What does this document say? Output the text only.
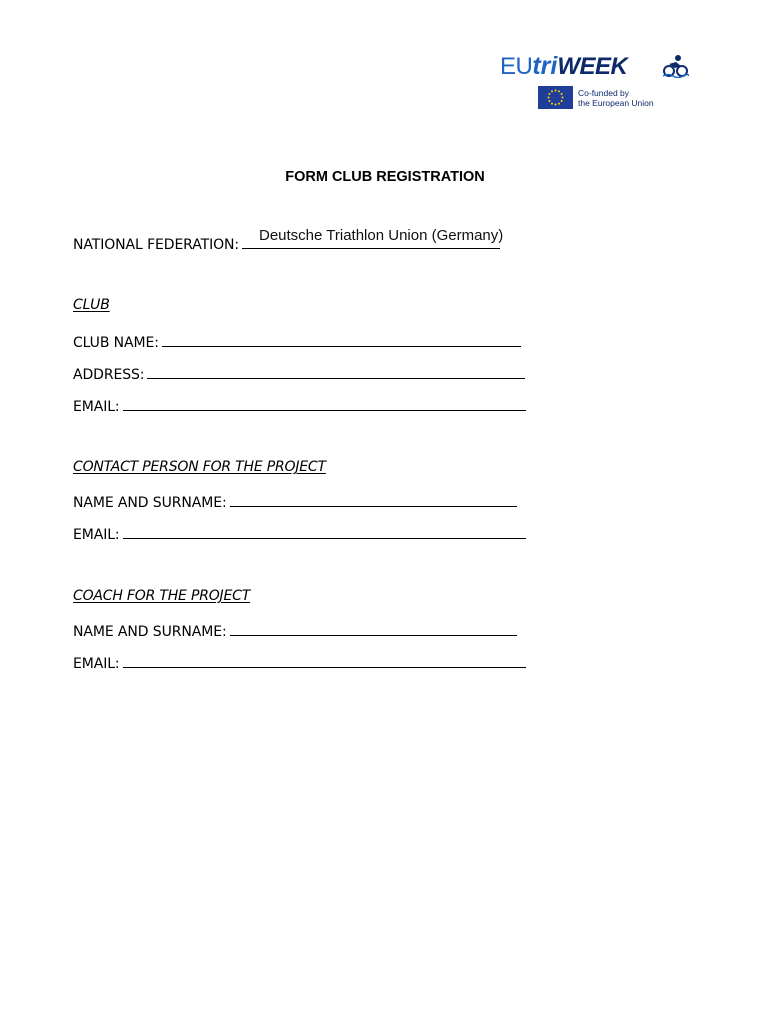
EUtriWEEK
Co-funded by
the European Union
FORM CLUB REGISTRATION
NATIONAL FEDERATION:
Deutsche Triathlon Union (Germany)
CLUB
CLUB NAME:
ADDRESS:
EMAIL:
CONTACT PERSON FOR THE PROJECT
NAME AND SURNAME:
EMAIL:
COACH FOR THE PROJECT
NAME AND SURNAME:
EMAIL:
